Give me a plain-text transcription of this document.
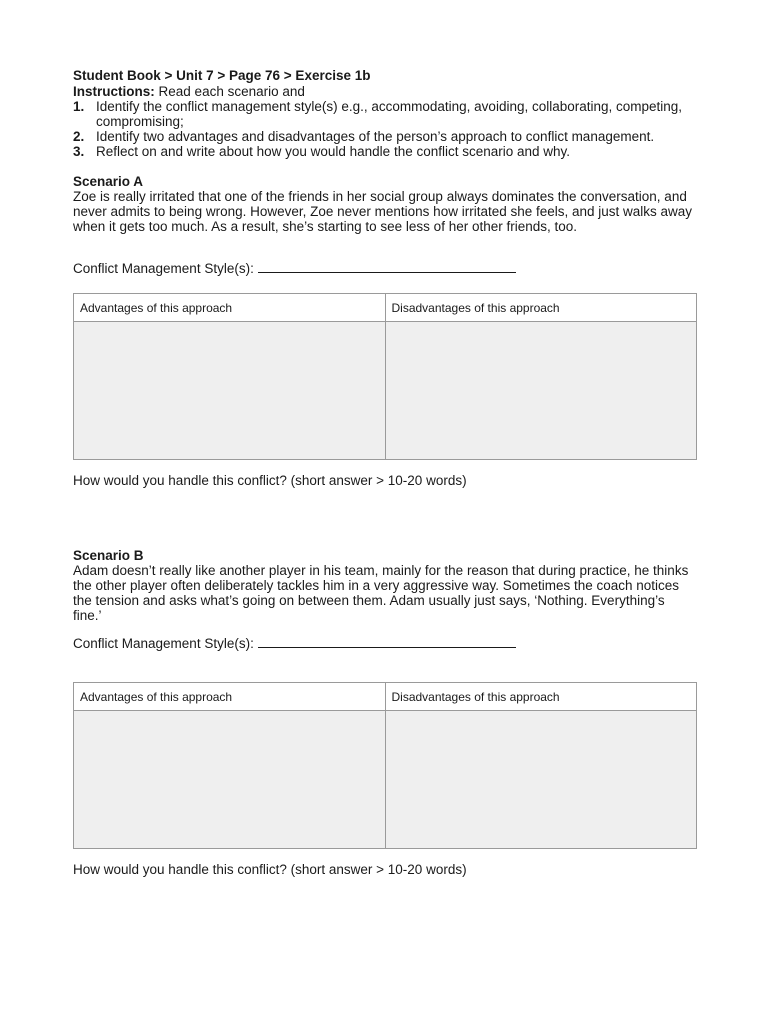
Student Book > Unit 7 > Page 76 > Exercise 1b

Instructions: Read each scenario and

1. Identify the conflict management style(s) e.g., accommodating, avoiding, collaborating, competing, compromising;
2. Identify two advantages and disadvantages of the person’s approach to conflict management.
3. Reflect on and write about how you would handle the conflict scenario and why.

Scenario A

Zoe is really irritated that one of the friends in her social group always dominates the conversation, and never admits to being wrong. However, Zoe never mentions how irritated she feels, and just walks away when it gets too much. As a result, she’s starting to see less of her other friends, too.

Conflict Management Style(s):

Advantages of this approach	Disadvantages of this approach

How would you handle this conflict? (short answer > 10-20 words)

Scenario B

Adam doesn’t really like another player in his team, mainly for the reason that during practice, he thinks the other player often deliberately tackles him in a very aggressive way. Sometimes the coach notices the tension and asks what’s going on between them. Adam usually just says, ‘Nothing. Everything’s fine.’

Conflict Management Style(s):

Advantages of this approach	Disadvantages of this approach

How would you handle this conflict? (short answer > 10-20 words)
